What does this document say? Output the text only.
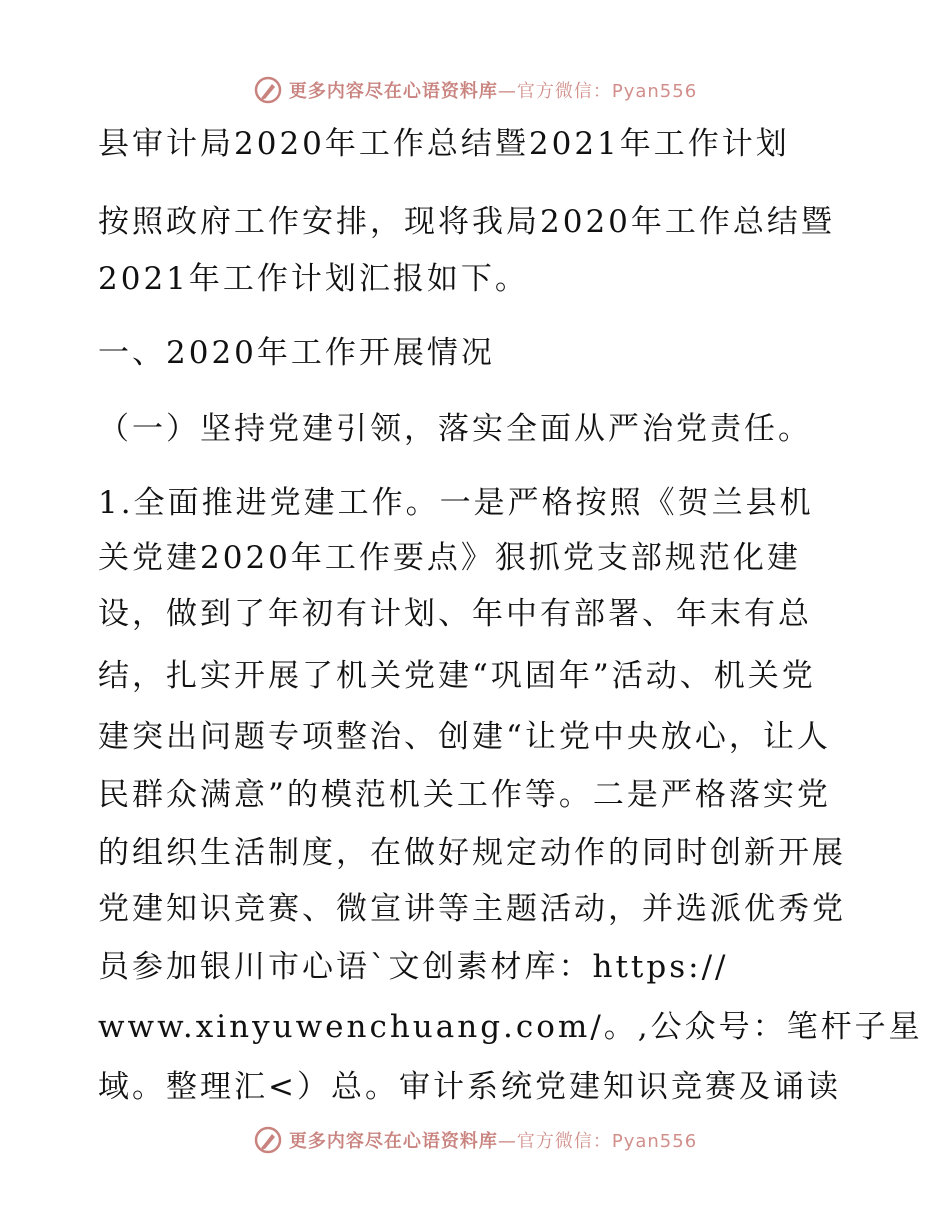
更多内容尽在心语资料库—官方微信：Pyan556
县审计局2020年工作总结暨2021年工作计划
按照政府工作安排，现将我局2020年工作总结暨
2021年工作计划汇报如下。
一、2020年工作开展情况
（一）坚持党建引领，落实全面从严治党责任。
1.全面推进党建工作。一是严格按照《贺兰县机
关党建2020年工作要点》狠抓党支部规范化建
设，做到了年初有计划、年中有部署、年末有总
结，扎实开展了机关党建“巩固年”活动、机关党
建突出问题专项整治、创建“让党中央放心，让人
民群众满意”的模范机关工作等。二是严格落实党
的组织生活制度，在做好规定动作的同时创新开展
党建知识竞赛、微宣讲等主题活动，并选派优秀党
员参加银川市心语`文创素材库：https://
www.xinyuwenchuang.com/。,公众号：笔杆子星
域。整理汇<）总。审计系统党建知识竞赛及诵读
更多内容尽在心语资料库—官方微信：Pyan556
